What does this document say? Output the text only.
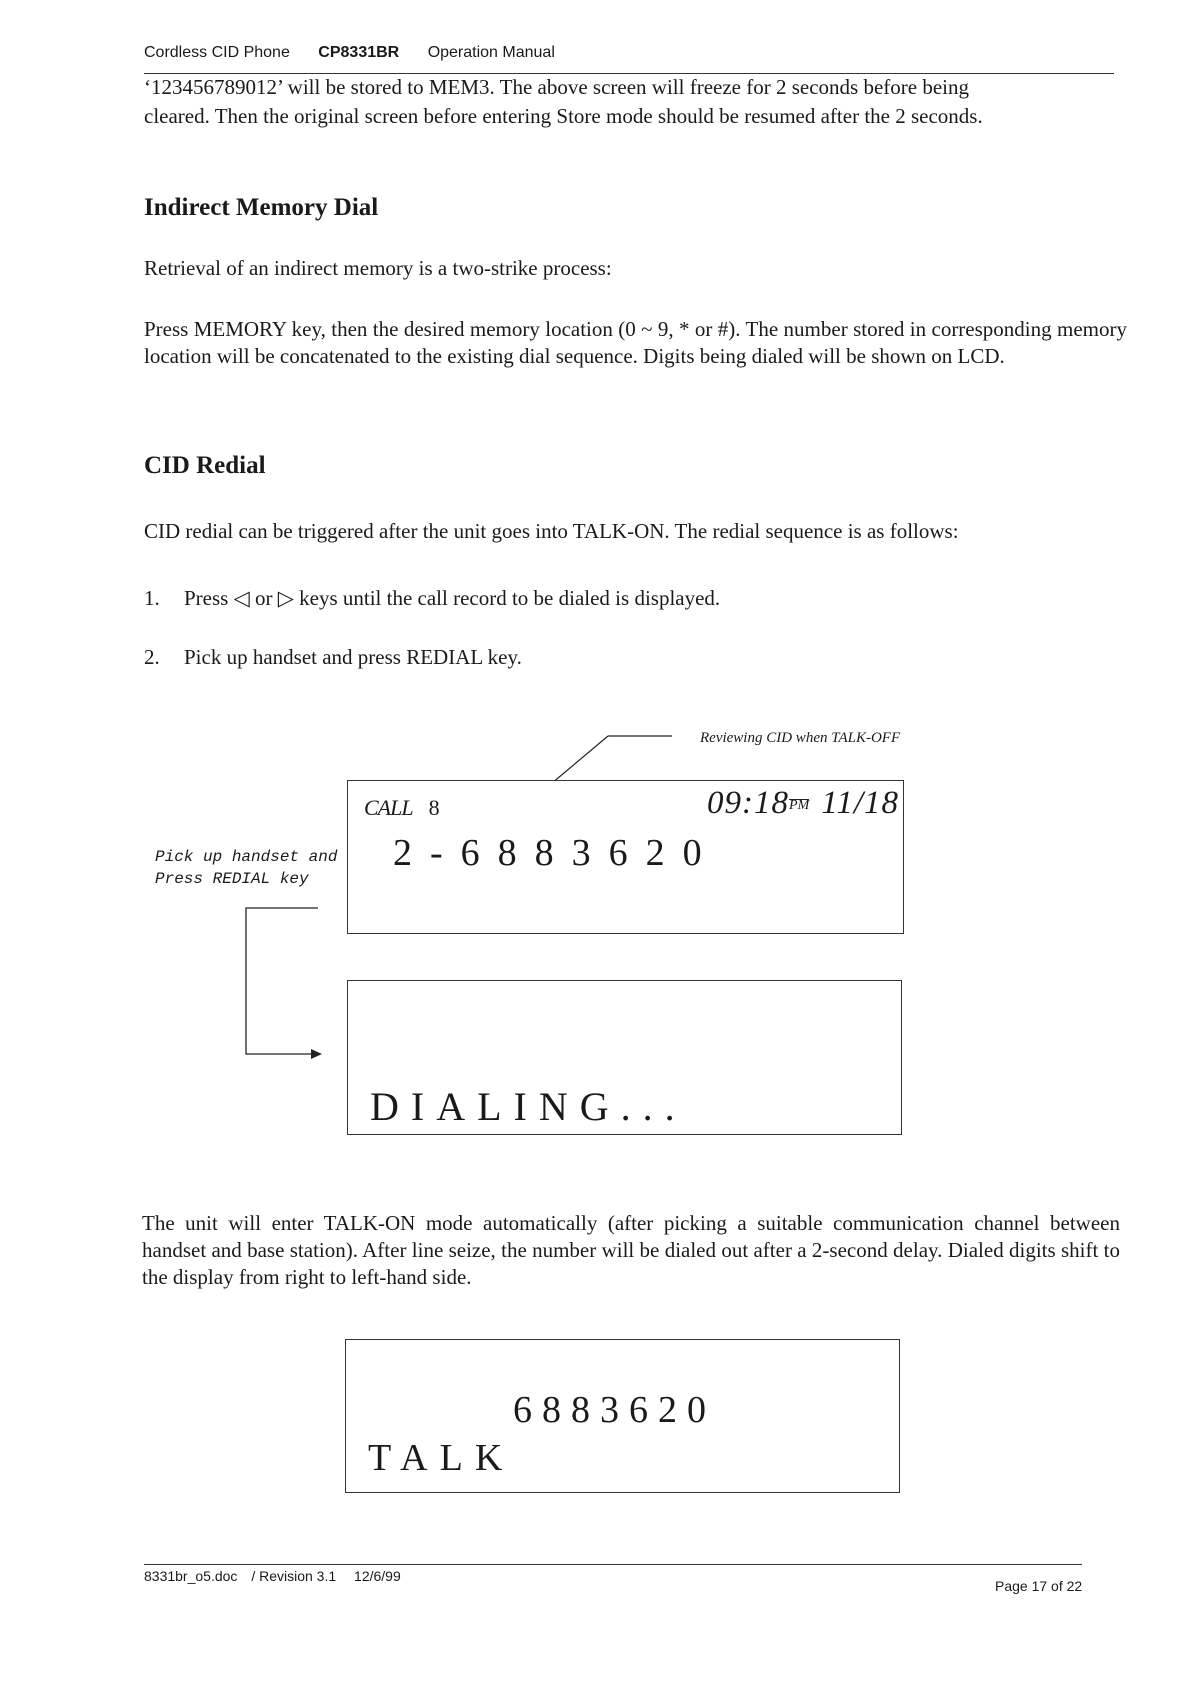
Cordless CID Phone CP8331BR Operation Manual
‘123456789012’ will be stored to MEM3. The above screen will freeze for 2 seconds before being
cleared. Then the original screen before entering Store mode should be resumed after the 2 seconds.
Indirect Memory Dial
Retrieval of an indirect memory is a two-strike process:
Press MEMORY key, then the desired memory location (0 ~ 9, * or #). The number stored in corresponding memory location will be concatenated to the existing dial sequence. Digits being dialed will be shown on LCD.
CID Redial
CID redial can be triggered after the unit goes into TALK-ON. The redial sequence is as follows:
1. Press ◁ or ▷ keys until the call record to be dialed is displayed.
2. Pick up handset and press REDIAL key.
Reviewing CID when TALK-OFF
Pick up handset and
Press REDIAL key
CALL 8	09:18PM 11/18
2-6883620
DIALING...
The unit will enter TALK-ON mode automatically (after picking a suitable communication channel between handset and base station). After line seize, the number will be dialed out after a 2-second delay. Dialed digits shift to the display from right to left-hand side.
6883620
TALK
8331br_o5.doc / Revision 3.1 12/6/99
Page 17 of 22
